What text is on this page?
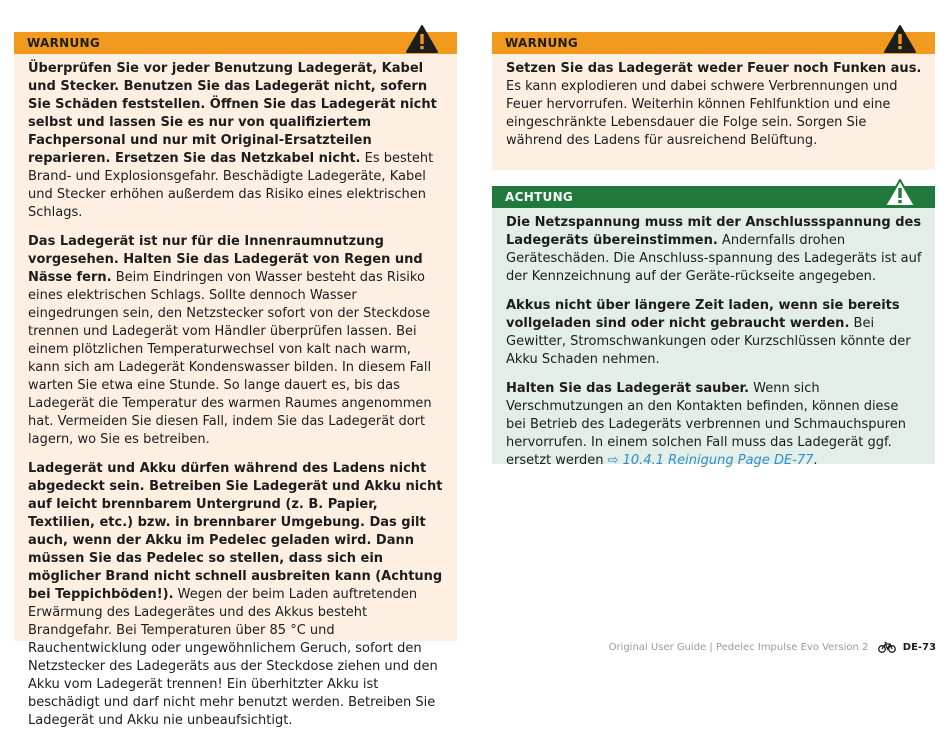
WARNUNG

Überprüfen Sie vor jeder Benutzung Ladegerät, Kabel und Stecker. Benutzen Sie das Ladegerät nicht, sofern Sie Schäden feststellen. Öffnen Sie das Ladegerät nicht selbst und lassen Sie es nur von qualifiziertem Fachpersonal und nur mit Original-Ersatzteilen reparieren. Ersetzen Sie das Netzkabel nicht. Es besteht Brand- und Explosionsgefahr. Beschädigte Ladegeräte, Kabel und Stecker erhöhen außerdem das Risiko eines elektrischen Schlags.

Das Ladegerät ist nur für die Innenraumnutzung vorgesehen. Halten Sie das Ladegerät von Regen und Nässe fern. Beim Eindringen von Wasser besteht das Risiko eines elektrischen Schlags. Sollte dennoch Wasser eingedrungen sein, den Netzstecker sofort von der Steckdose trennen und Ladegerät vom Händler überprüfen lassen. Bei einem plötzlichen Temperaturwechsel von kalt nach warm, kann sich am Ladegerät Kondenswasser bilden. In diesem Fall warten Sie etwa eine Stunde. So lange dauert es, bis das Ladegerät die Temperatur des warmen Raumes angenommen hat. Vermeiden Sie diesen Fall, indem Sie das Ladegerät dort lagern, wo Sie es betreiben.

Ladegerät und Akku dürfen während des Ladens nicht abgedeckt sein. Betreiben Sie Ladegerät und Akku nicht auf leicht brennbarem Untergrund (z. B. Papier, Textilien, etc.) bzw. in brennbarer Umgebung. Das gilt auch, wenn der Akku im Pedelec geladen wird. Dann müssen Sie das Pedelec so stellen, dass sich ein möglicher Brand nicht schnell ausbreiten kann (Achtung bei Teppichböden!). Wegen der beim Laden auftretenden Erwärmung des Ladegerätes und des Akkus besteht Brandgefahr. Bei Temperaturen über 85 °C und Rauchentwicklung oder ungewöhnlichem Geruch, sofort den Netzstecker des Ladegeräts aus der Steckdose ziehen und den Akku vom Ladegerät trennen! Ein überhitzter Akku ist beschädigt und darf nicht mehr benutzt werden. Betreiben Sie Ladegerät und Akku nie unbeaufsichtigt.

WARNUNG

Setzen Sie das Ladegerät weder Feuer noch Funken aus. Es kann explodieren und dabei schwere Verbrennungen und Feuer hervorrufen. Weiterhin können Fehlfunktion und eine eingeschränkte Lebensdauer die Folge sein. Sorgen Sie während des Ladens für ausreichend Belüftung.

ACHTUNG

Die Netzspannung muss mit der Anschlussspannung des Ladegeräts übereinstimmen. Andernfalls drohen Geräteschäden. Die Anschluss-spannung des Ladegeräts ist auf der Kennzeichnung auf der Geräte-rückseite angegeben.

Akkus nicht über längere Zeit laden, wenn sie bereits vollgeladen sind oder nicht gebraucht werden. Bei Gewitter, Stromschwankungen oder Kurzschlüssen könnte der Akku Schaden nehmen.

Halten Sie das Ladegerät sauber. Wenn sich Verschmutzungen an den Kontakten befinden, können diese bei Betrieb des Ladegeräts verbrennen und Schmauchspuren hervorrufen. In einem solchen Fall muss das Ladegerät ggf. ersetzt werden ⇨ 10.4.1 Reinigung Page DE-77.

Original User Guide | Pedelec Impulse Evo Version 2	DE-73
